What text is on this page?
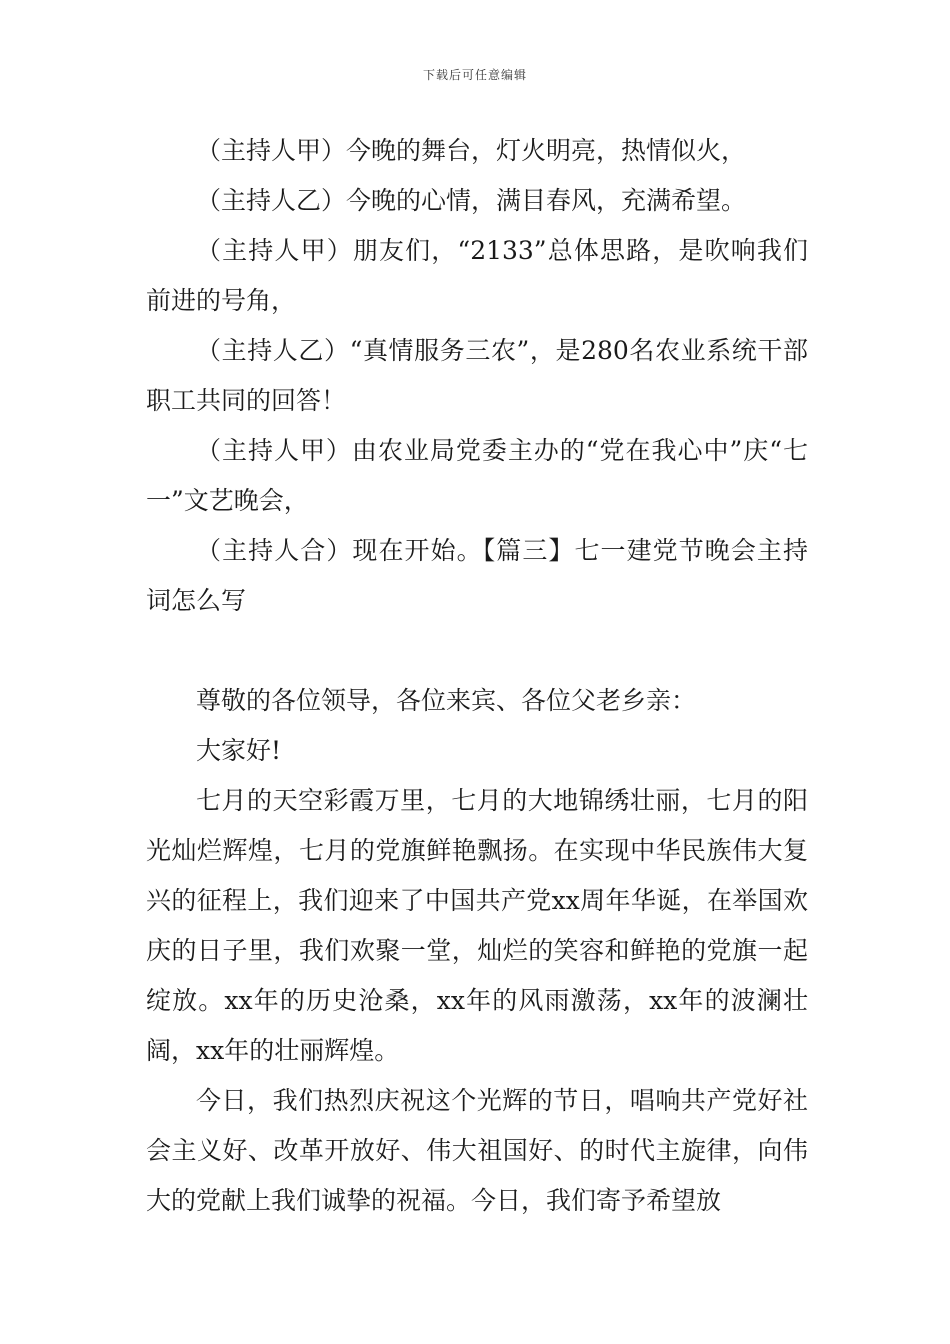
下载后可任意编辑

（主持人甲）今晚的舞台，灯火明亮，热情似火，

（主持人乙）今晚的心情，满目春风，充满希望。

（主持人甲）朋友们，“2133”总体思路，是吹响我们前进的号角，

（主持人乙）“真情服务三农”，是280名农业系统干部职工共同的回答！

（主持人甲）由农业局党委主办的“党在我心中”庆“七一”文艺晚会，

（主持人合）现在开始。【篇三】七一建党节晚会主持词怎么写

尊敬的各位领导，各位来宾、各位父老乡亲：

大家好!

七月的天空彩霞万里，七月的大地锦绣壮丽，七月的阳光灿烂辉煌，七月的党旗鲜艳飘扬。在实现中华民族伟大复兴的征程上，我们迎来了中国共产党xx周年华诞，在举国欢庆的日子里，我们欢聚一堂，灿烂的笑容和鲜艳的党旗一起绽放。xx年的历史沧桑，xx年的风雨激荡，xx年的波澜壮阔，xx年的壮丽辉煌。

今日，我们热烈庆祝这个光辉的节日，唱响共产党好社会主义好、改革开放好、伟大祖国好、的时代主旋律，向伟大的党献上我们诚挚的祝福。今日，我们寄予希望放
